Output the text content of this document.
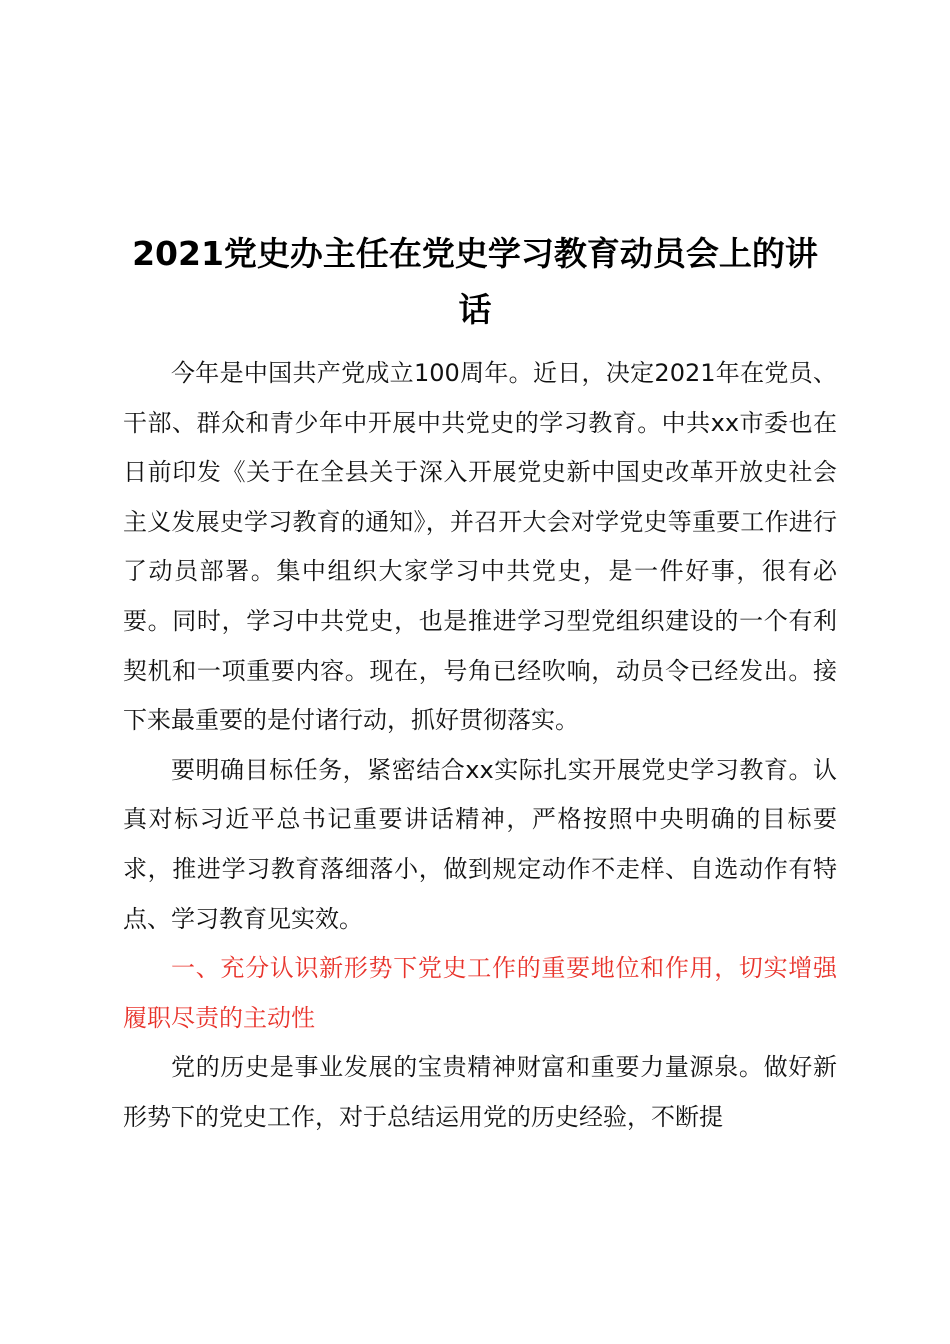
2021党史办主任在党史学习教育动员会上的讲话

今年是中国共产党成立100周年。近日，决定2021年在党员、干部、群众和青少年中开展中共党史的学习教育。中共xx市委也在日前印发《关于在全县关于深入开展党史新中国史改革开放史社会主义发展史学习教育的通知》，并召开大会对学党史等重要工作进行了动员部署。集中组织大家学习中共党史，是一件好事，很有必要。同时，学习中共党史，也是推进学习型党组织建设的一个有利契机和一项重要内容。现在，号角已经吹响，动员令已经发出。接下来最重要的是付诸行动，抓好贯彻落实。

要明确目标任务，紧密结合xx实际扎实开展党史学习教育。认真对标习近平总书记重要讲话精神，严格按照中央明确的目标要求，推进学习教育落细落小，做到规定动作不走样、自选动作有特点、学习教育见实效。

一、充分认识新形势下党史工作的重要地位和作用，切实增强履职尽责的主动性

党的历史是事业发展的宝贵精神财富和重要力量源泉。做好新形势下的党史工作，对于总结运用党的历史经验，不断提
